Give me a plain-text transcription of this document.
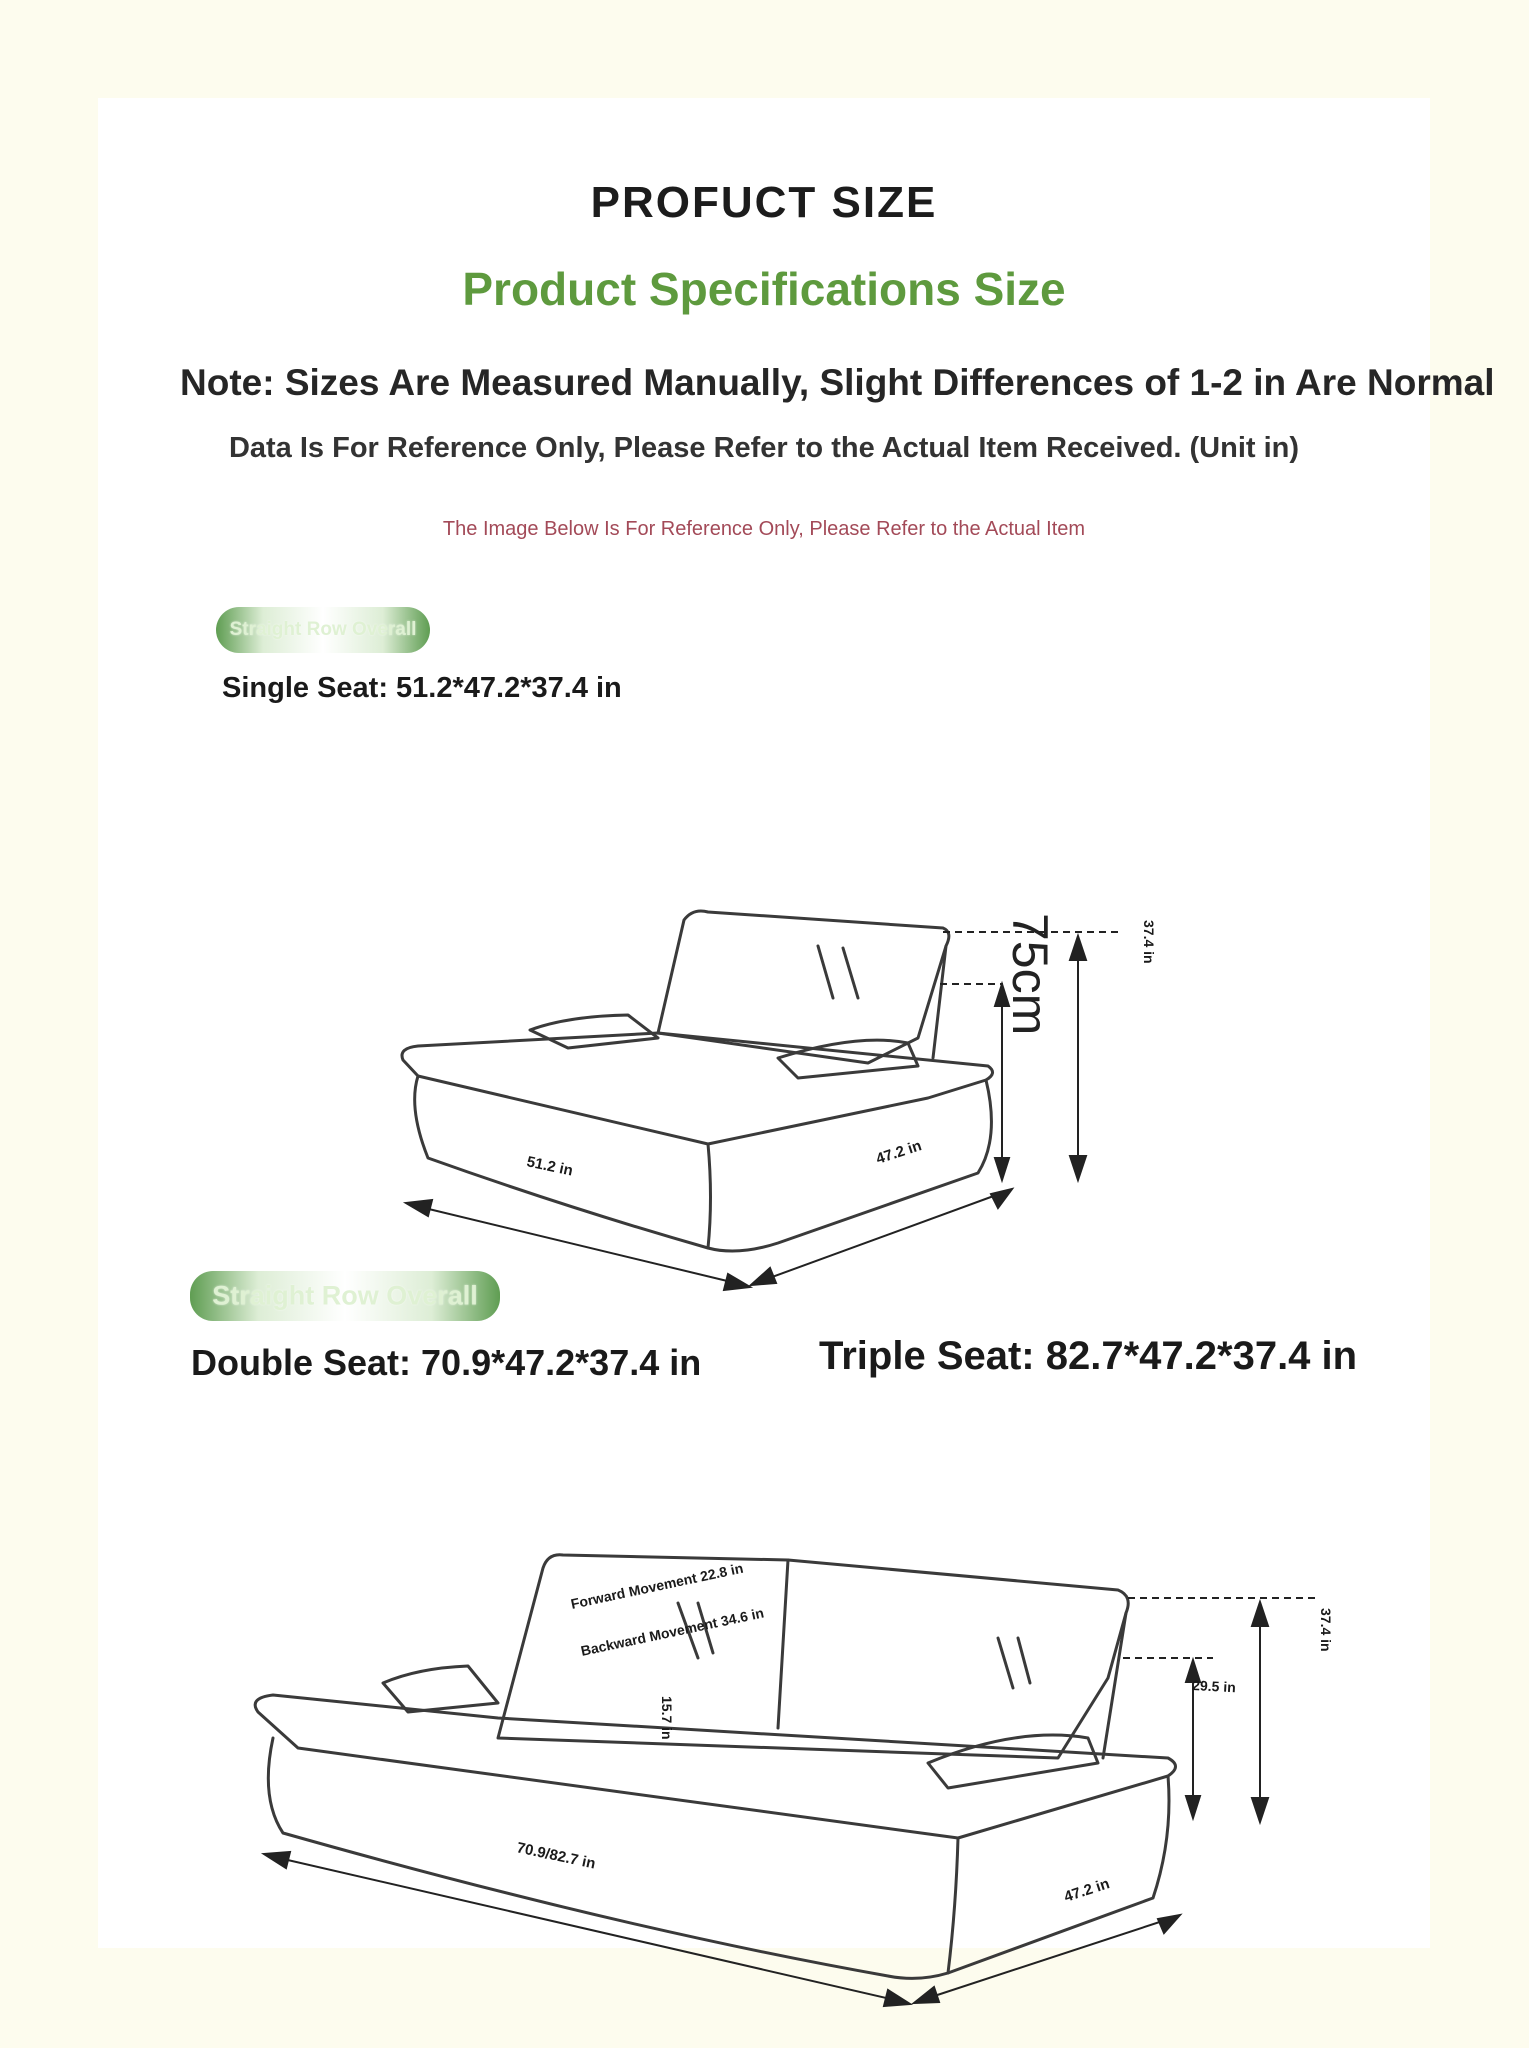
PROFUCT SIZE
Product Specifications Size
Note: Sizes Are Measured Manually, Slight Differences of 1-2 in Are Normal
Data Is For Reference Only, Please Refer to the Actual Item Received. (Unit in)
The Image Below Is For Reference Only, Please Refer to the Actual Item
Straight Row Overall
Single Seat: 51.2*47.2*37.4 in
37.4 in
75cm
51.2 in	47.2 in
Straight Row Overall
Double Seat: 70.9*47.2*37.4 in	Triple Seat: 82.7*47.2*37.4 in
Forward Movement 22.8 in
Backward Movement 34.6 in
15.7 in
29.5 in
37.4 in
70.9/82.7 in
47.2 in
